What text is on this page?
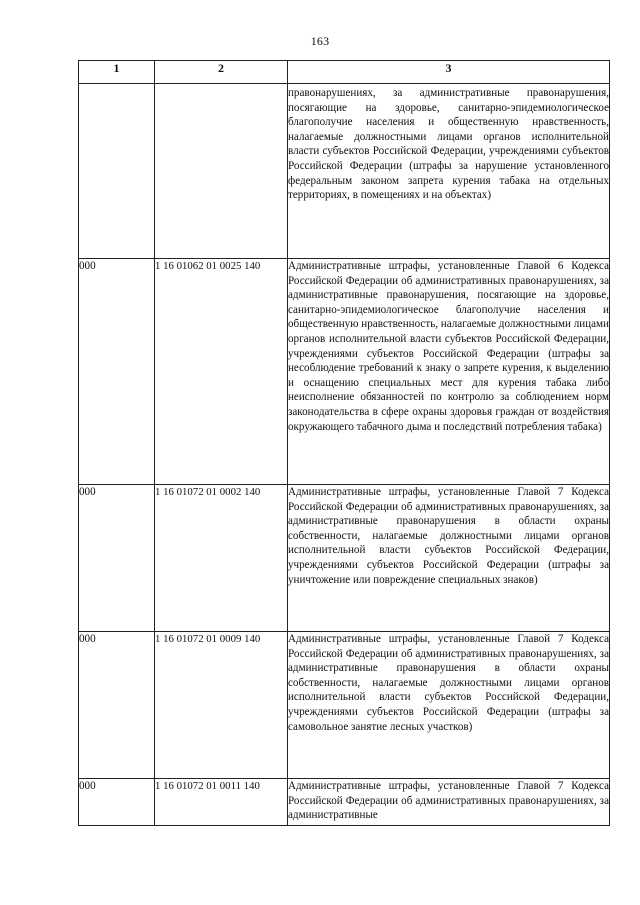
163
1	2	3
		правонарушениях, за административные правонарушения, посягающие на здоровье, санитарно-эпидемиологическое благополучие населения и общественную нравственность, налагаемые должностными лицами органов исполнительной власти субъектов Российской Федерации, учреждениями субъектов Российской Федерации (штрафы за нарушение установленного федеральным законом запрета курения табака на отдельных территориях, в помещениях и на объектах)
000	1 16 01062 01 0025 140	Административные штрафы, установленные Главой 6 Кодекса Российской Федерации об административных правонарушениях, за административные правонарушения, посягающие на здоровье, санитарно-эпидемиологическое благополучие населения и общественную нравственность, налагаемые должностными лицами органов исполнительной власти субъектов Российской Федерации, учреждениями субъектов Российской Федерации (штрафы за несоблюдение требований к знаку о запрете курения, к выделению и оснащению специальных мест для курения табака либо неисполнение обязанностей по контролю за соблюдением норм законодательства в сфере охраны здоровья граждан от воздействия окружающего табачного дыма и последствий потребления табака)
000	1 16 01072 01 0002 140	Административные штрафы, установленные Главой 7 Кодекса Российской Федерации об административных правонарушениях, за административные правонарушения в области охраны собственности, налагаемые должностными лицами органов исполнительной власти субъектов Российской Федерации, учреждениями субъектов Российской Федерации (штрафы за уничтожение или повреждение специальных знаков)
000	1 16 01072 01 0009 140	Административные штрафы, установленные Главой 7 Кодекса Российской Федерации об административных правонарушениях, за административные правонарушения в области охраны собственности, налагаемые должностными лицами органов исполнительной власти субъектов Российской Федерации, учреждениями субъектов Российской Федерации (штрафы за самовольное занятие лесных участков)
000	1 16 01072 01 0011 140	Административные штрафы, установленные Главой 7 Кодекса Российской Федерации об административных правонарушениях, за административные
